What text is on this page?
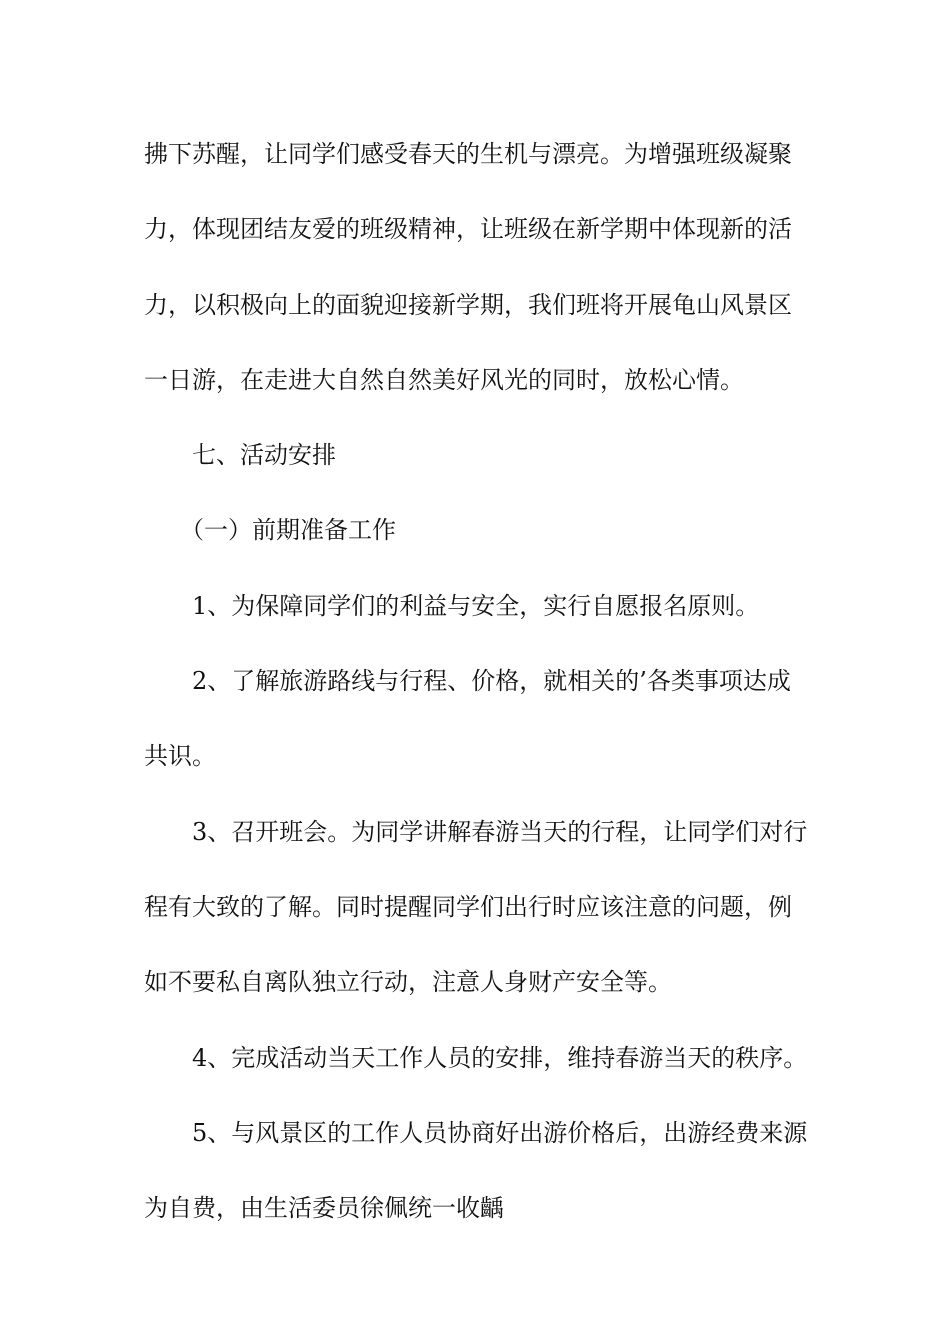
拂下苏醒，让同学们感受春天的生机与漂亮。为增强班级凝聚
力，体现团结友爱的班级精神，让班级在新学期中体现新的活
力，以积极向上的面貌迎接新学期，我们班将开展龟山风景区
一日游，在走进大自然自然美好风光的同时，放松心情。
七、活动安排
（一）前期准备工作
1、为保障同学们的利益与安全，实行自愿报名原则。
2、了解旅游路线与行程、价格，就相关的’各类事项达成
共识。
3、召开班会。为同学讲解春游当天的行程，让同学们对行
程有大致的了解。同时提醒同学们出行时应该注意的问题，例
如不要私自离队独立行动，注意人身财产安全等。
4、完成活动当天工作人员的安排，维持春游当天的秩序。
5、与风景区的工作人员协商好出游价格后，出游经费来源
为自费，由生活委员徐佩统一收齲
